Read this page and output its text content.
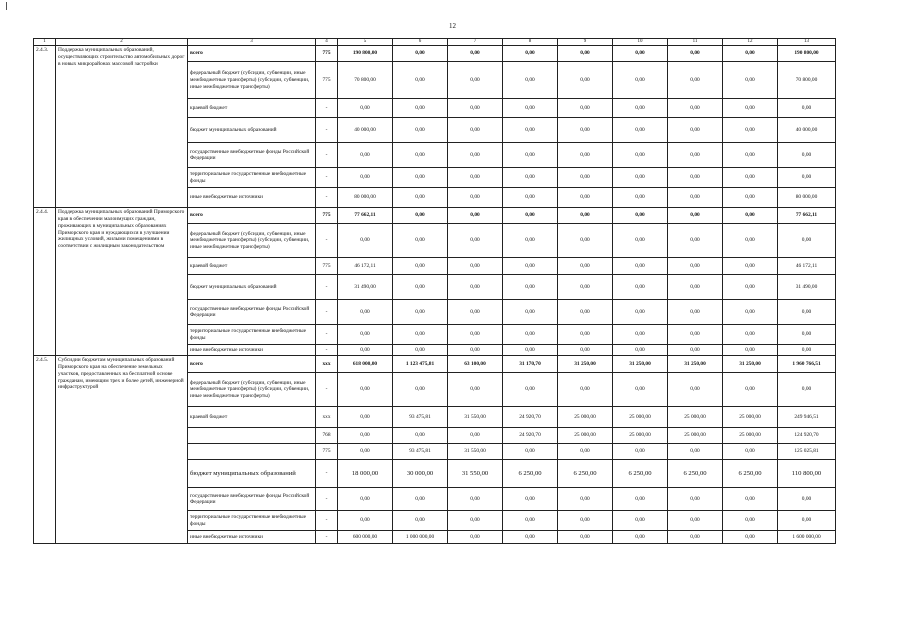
12
1	2	3	4	5	6	7	8	9	10	11	12	13
2.4.3.	Поддержка муниципальных образований, осуществляющих строительство автомобильных дорог в новых микрорайонах массовой застройки	всего	775	190 800,00	0,00	0,00	0,00	0,00	0,00	0,00	0,00	190 800,00
		федеральный бюджет (субсидии, субвенции, иные межбюджетные трансферты) (субсидии, субвенции, иные межбюджетные трансферты)	775	70 800,00	0,00	0,00	0,00	0,00	0,00	0,00	0,00	70 800,00
		краевой бюджет	-	0,00	0,00	0,00	0,00	0,00	0,00	0,00	0,00	0,00
		бюджет муниципальных образований	-	40 000,00	0,00	0,00	0,00	0,00	0,00	0,00	0,00	40 000,00
		государственные внебюджетные фонды Российской Федерации	-	0,00	0,00	0,00	0,00	0,00	0,00	0,00	0,00	0,00
		территориальные государственные внебюджетные фонды	-	0,00	0,00	0,00	0,00	0,00	0,00	0,00	0,00	0,00
		иные внебюджетные источники	-	80 000,00	0,00	0,00	0,00	0,00	0,00	0,00	0,00	80 000,00
2.4.4.	Поддержка муниципальных образований Приморского края в обеспечении малоимущих граждан, проживающих в муниципальных образованиях Приморского края и нуждающихся в улучшении жилищных условий, жилыми помещениями в соответствии с жилищным законодательством	всего	775	77 662,11	0,00	0,00	0,00	0,00	0,00	0,00	0,00	77 662,11
		федеральный бюджет (субсидии, субвенции, иные межбюджетные трансферты) (субсидии, субвенции, иные межбюджетные трансферты)	-	0,00	0,00	0,00	0,00	0,00	0,00	0,00	0,00	0,00
		краевой бюджет	775	46 172,11	0,00	0,00	0,00	0,00	0,00	0,00	0,00	46 172,11
		бюджет муниципальных образований	-	31 490,00	0,00	0,00	0,00	0,00	0,00	0,00	0,00	31 490,00
		государственные внебюджетные фонды Российской Федерации	-	0,00	0,00	0,00	0,00	0,00	0,00	0,00	0,00	0,00
		территориальные государственные внебюджетные фонды	-	0,00	0,00	0,00	0,00	0,00	0,00	0,00	0,00	0,00
		иные внебюджетные источники	-	0,00	0,00	0,00	0,00	0,00	0,00	0,00	0,00	0,00
2.4.5.	Субсидии бюджетам муниципальных образований Приморского края на обеспечение земельных участков, предоставленных на бесплатной основе гражданам, имеющим трех и более детей, инженерной инфраструктурой	всего	xxx	618 000,00	1 123 475,81	63 100,00	31 170,70	31 250,00	31 250,00	31 250,00	31 250,00	1 960 766,51
		федеральный бюджет (субсидии, субвенции, иные межбюджетные трансферты) (субсидии, субвенции, иные межбюджетные трансферты)	-	0,00	0,00	0,00	0,00	0,00	0,00	0,00	0,00	0,00
		краевой бюджет	xxx	0,00	93 475,81	31 550,00	24 920,70	25 000,00	25 000,00	25 000,00	25 000,00	249 946,51
			768	0,00	0,00	0,00	24 920,70	25 000,00	25 000,00	25 000,00	25 000,00	124 920,70
			775	0,00	93 475,81	31 550,00	0,00	0,00	0,00	0,00	0,00	125 025,81
		бюджет муниципальных образований	-	18 000,00	30 000,00	31 550,00	6 250,00	6 250,00	6 250,00	6 250,00	6 250,00	110 800,00
		государственные внебюджетные фонды Российской Федерации	-	0,00	0,00	0,00	0,00	0,00	0,00	0,00	0,00	0,00
		территориальные государственные внебюджетные фонды	-	0,00	0,00	0,00	0,00	0,00	0,00	0,00	0,00	0,00
		иные внебюджетные источники	-	600 000,00	1 000 000,00	0,00	0,00	0,00	0,00	0,00	0,00	1 600 000,00
